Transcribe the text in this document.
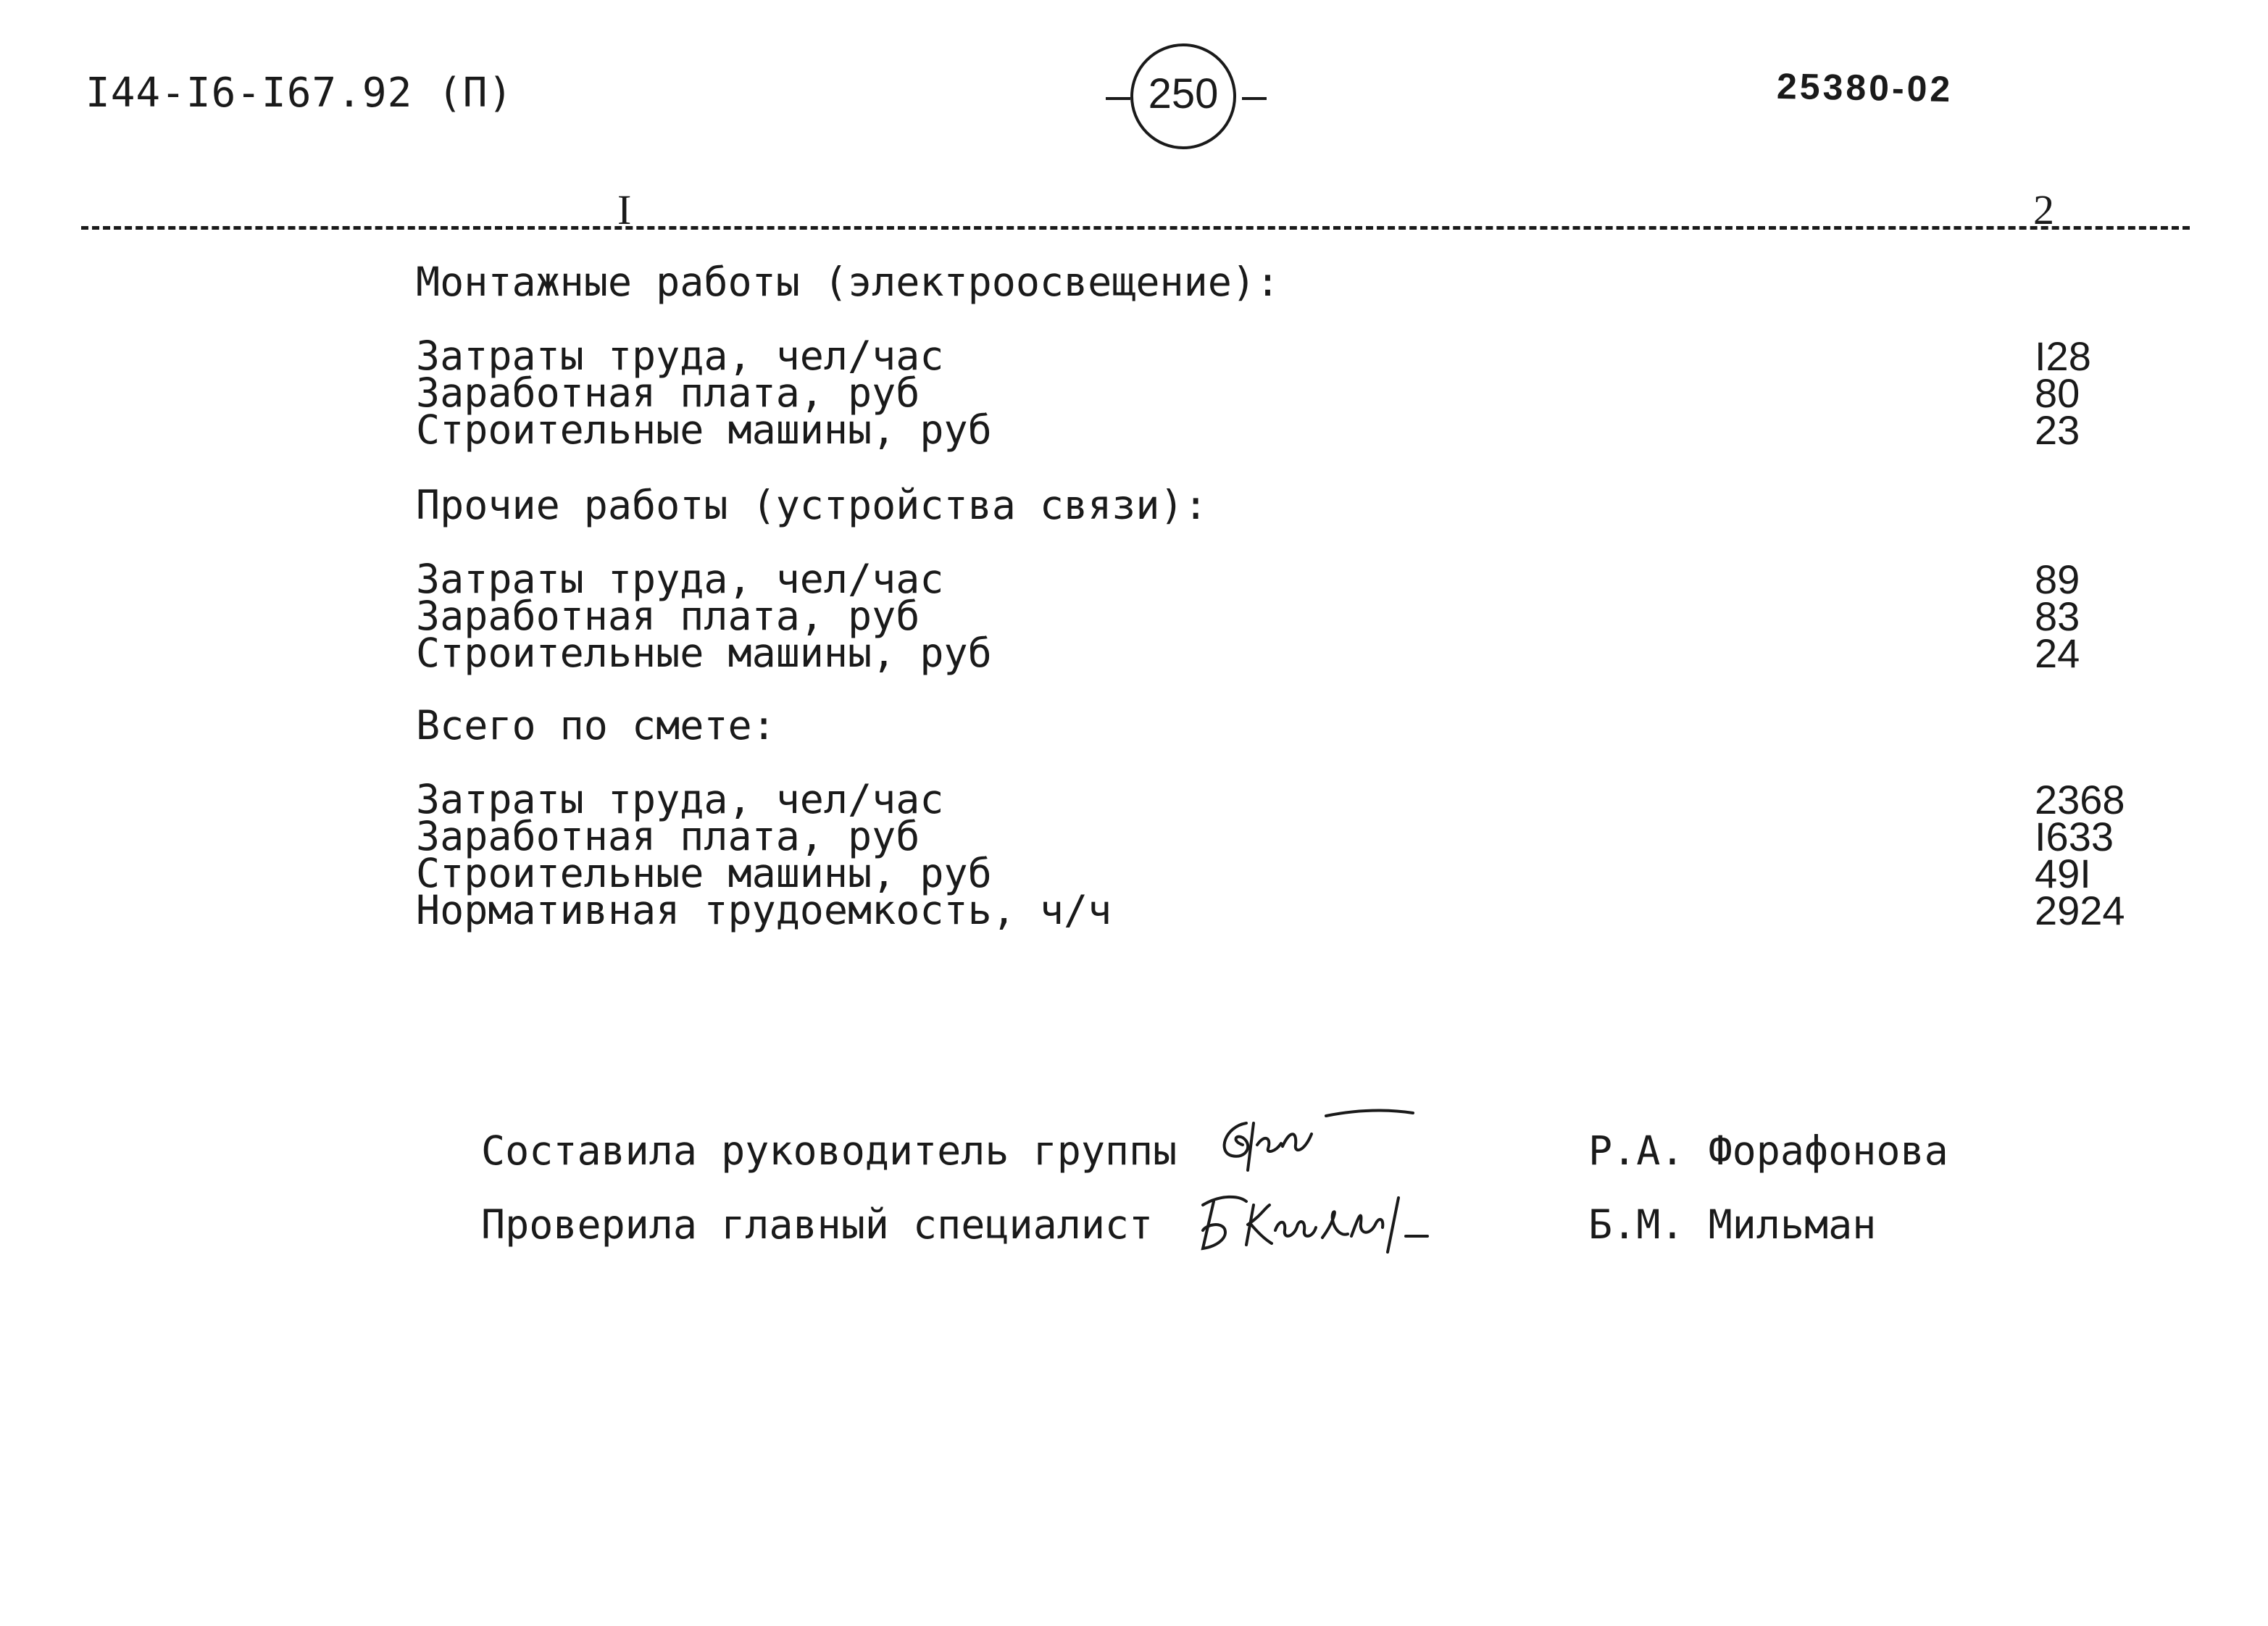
I44-I6-I67.92 (П)

	250

	25380-02
I	2
Монтажные работы (электроосвещение):
Затраты труда, чел/час	I28
Заработная плата, руб	80
Строительные машины, руб	23
Прочие работы (устройства связи):
Затраты труда, чел/час	89
Заработная плата, руб	83
Строительные машины, руб	24
Всего по смете:
Затраты труда, чел/час	2368
Заработная плата, руб	I633
Строительные машины, руб	49I
Нормативная трудоемкость, ч/ч	2924
Составила руководитель группы	Р.А. Форафонова
Проверила главный специалист	Б.М. Мильман
